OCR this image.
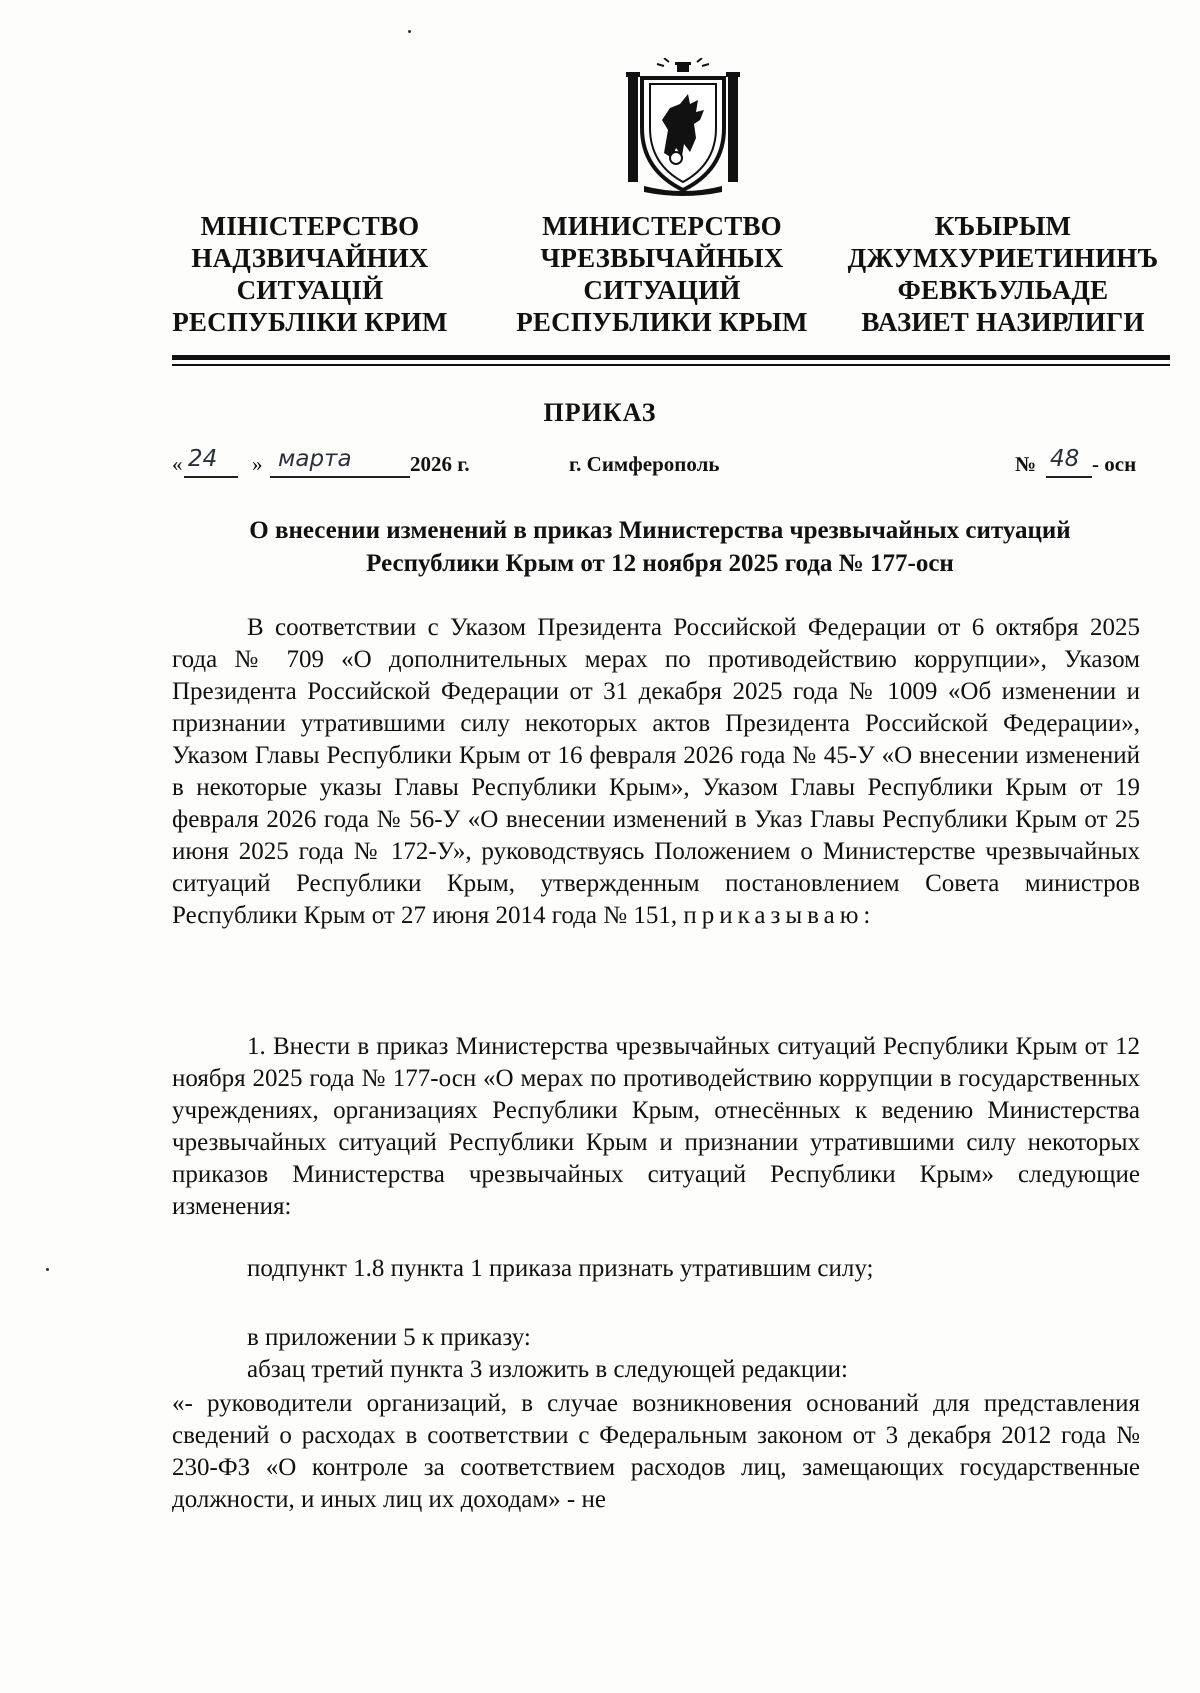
МІНІСТЕРСТВО
НАДЗВИЧАЙНИХ
СИТУАЦІЙ
РЕСПУБЛІКИ КРИМ
МИНИСТЕРСТВО
ЧРЕЗВЫЧАЙНЫХ
СИТУАЦИЙ
РЕСПУБЛИКИ КРЫМ
КЪЫРЫМ
ДЖУМХУРИЕТИНИНЪ
ФЕВКЪУЛЬАДЕ
ВАЗИЕТ НАЗИРЛИГИ
ПРИКАЗ
« 24 » марта	2026 г.	г. Симферополь	№ 48 - осн
О внесении изменений в приказ Министерства чрезвычайных ситуаций
Республики Крым от 12 ноября 2025 года № 177-осн
В соответствии с Указом Президента Российской Федерации от 6 октября 2025 года № 709 «О дополнительных мерах по противодействию коррупции», Указом Президента Российской Федерации от 31 декабря 2025 года № 1009 «Об изменении и признании утратившими силу некоторых актов Президента Российской Федерации», Указом Главы Республики Крым от 16 февраля 2026 года № 45-У «О внесении изменений в некоторые указы Главы Республики Крым», Указом Главы Республики Крым от 19 февраля 2026 года № 56-У «О внесении изменений в Указ Главы Республики Крым от 25 июня 2025 года № 172-У», руководствуясь Положением о Министерстве чрезвычайных ситуаций Республики Крым, утвержденным постановлением Совета министров Республики Крым от 27 июня 2014 года № 151, приказываю:
1. Внести в приказ Министерства чрезвычайных ситуаций Республики Крым от 12 ноября 2025 года № 177-осн «О мерах по противодействию коррупции в государственных учреждениях, организациях Республики Крым, отнесённых к ведению Министерства чрезвычайных ситуаций Республики Крым и признании утратившими силу некоторых приказов Министерства чрезвычайных ситуаций Республики Крым» следующие изменения:
подпункт 1.8 пункта 1 приказа признать утратившим силу;
в приложении 5 к приказу:
абзац третий пункта 3 изложить в следующей редакции:
«- руководители организаций, в случае возникновения оснований для представления сведений о расходах в соответствии с Федеральным законом от 3 декабря 2012 года № 230-ФЗ «О контроле за соответствием расходов лиц, замещающих государственные должности, и иных лиц их доходам» - не
